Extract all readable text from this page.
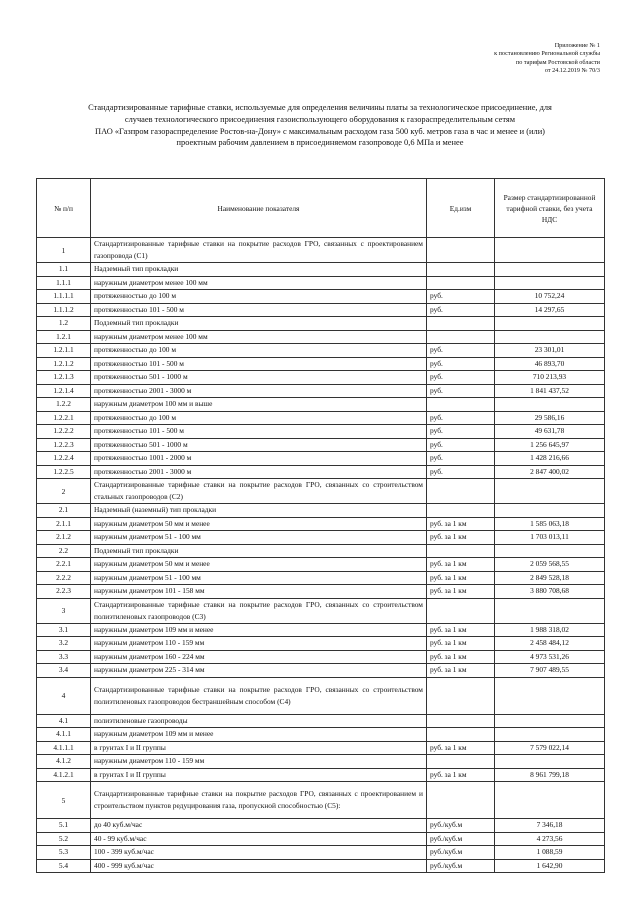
Приложение № 1
к постановлению Региональной службы
по тарифам Ростовской области
от 24.12.2019 № 70/3
Стандартизированные тарифные ставки, используемые для определения величины платы за технологическое присоединение, для
случаев технологического присоединения газоиспользующего оборудования к газораспределительным сетям
ПАО «Газпром газораспределение Ростов-на-Дону» с максимальным расходом газа 500 куб. метров газа в час и менее и (или)
проектным рабочим давлением в присоединяемом газопроводе 0,6 МПа и менее
№ п/п	Наименование показателя	Ед.изм	Размер стандартизированной тарифной ставки, без учета НДС
1	Стандартизированные тарифные ставки на покрытие расходов ГРО, связанных с проектированием газопровода (С1)		
1.1	Надземный тип прокладки		
1.1.1	наружным диаметром менее 100 мм		
1.1.1.1	протяженностью до 100 м	руб.	10 752,24
1.1.1.2	протяженностью 101 - 500 м	руб.	14 297,65
1.2	Подземный тип прокладки		
1.2.1	наружным диаметром менее 100 мм		
1.2.1.1	протяженностью до 100 м	руб.	23 301,01
1.2.1.2	протяженностью 101 - 500 м	руб.	46 893,70
1.2.1.3	протяженностью 501 - 1000 м	руб.	710 213,93
1.2.1.4	протяженностью 2001 - 3000 м	руб.	1 841 437,52
1.2.2	наружным диаметром 100 мм и выше		
1.2.2.1	протяженностью до 100 м	руб.	29 586,16
1.2.2.2	протяженностью 101 - 500 м	руб.	49 631,78
1.2.2.3	протяженностью 501 - 1000 м	руб.	1 256 645,97
1.2.2.4	протяженностью 1001 - 2000 м	руб.	1 428 216,66
1.2.2.5	протяженностью 2001 - 3000 м	руб.	2 847 400,02
2	Стандартизированные тарифные ставки на покрытие расходов ГРО, связанных со строительством стальных газопроводов (С2)		
2.1	Надземный (наземный) тип прокладки		
2.1.1	наружным диаметром 50 мм и менее	руб. за 1 км	1 585 063,18
2.1.2	наружным диаметром 51 - 100 мм	руб. за 1 км	1 703 013,11
2.2	Подземный тип прокладки		
2.2.1	наружным диаметром 50 мм и менее	руб. за 1 км	2 059 568,55
2.2.2	наружным диаметром 51 - 100 мм	руб. за 1 км	2 849 528,18
2.2.3	наружным диаметром 101 - 158 мм	руб. за 1 км	3 880 708,68
3	Стандартизированные тарифные ставки на покрытие расходов ГРО, связанных со строительством полиэтиленовых газопроводов (С3)		
3.1	наружным диаметром 109 мм и менее	руб. за 1 км	1 988 318,02
3.2	наружным диаметром 110 - 159 мм	руб. за 1 км	2 458 484,12
3.3	наружным диаметром 160 - 224 мм	руб. за 1 км	4 973 531,26
3.4	наружным диаметром 225 - 314 мм	руб. за 1 км	7 907 489,55
4	Стандартизированные тарифные ставки на покрытие расходов ГРО, связанных со строительством полиэтиленовых газопроводов бестраншейным способом (С4)		
4.1	полиэтиленовые газопроводы		
4.1.1	наружным диаметром 109 мм и менее		
4.1.1.1	в грунтах I и II группы	руб. за 1 км	7 579 022,14
4.1.2	наружным диаметром 110 - 159 мм		
4.1.2.1	в грунтах I и II группы	руб. за 1 км	8 961 799,18
5	Стандартизированные тарифные ставки на покрытие расходов ГРО, связанных с проектированием и строительством пунктов редуцирования газа, пропускной способностью (С5):		
5.1	до 40 куб.м/час	руб./куб.м	7 346,18
5.2	40 - 99 куб.м/час	руб./куб.м	4 273,56
5.3	100 - 399 куб.м/час	руб./куб.м	1 088,59
5.4	400 - 999 куб.м/час	руб./куб.м	1 642,90
